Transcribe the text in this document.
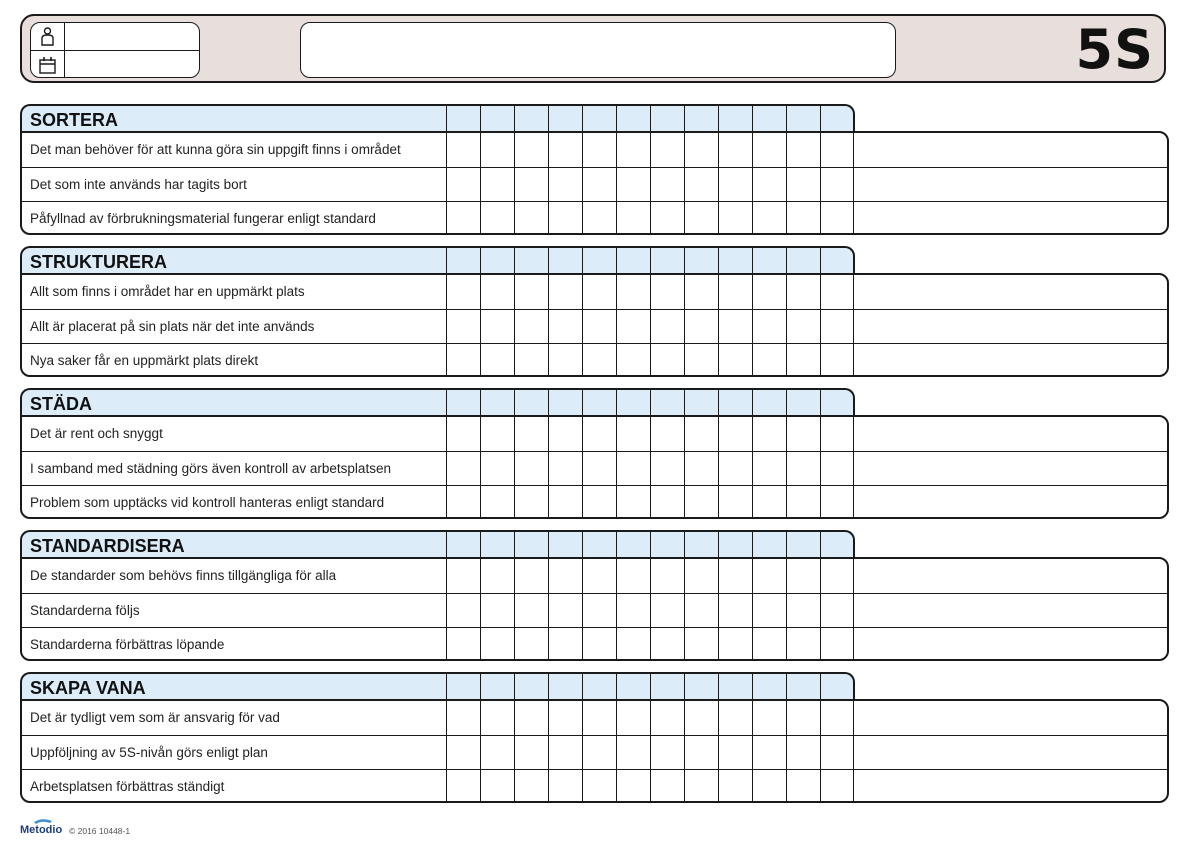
5S
SORTERA
Det man behöver för att kunna göra sin uppgift finns i området
Det som inte används har tagits bort
Påfyllnad av förbrukningsmaterial fungerar enligt standard
STRUKTURERA
Allt som finns i området har en uppmärkt plats
Allt är placerat på sin plats när det inte används
Nya saker får en uppmärkt plats direkt
STÄDA
Det är rent och snyggt
I samband med städning görs även kontroll av arbetsplatsen
Problem som upptäcks vid kontroll hanteras enligt standard
STANDARDISERA
De standarder som behövs finns tillgängliga för alla
Standarderna följs
Standarderna förbättras löpande
SKAPA VANA
Det är tydligt vem som är ansvarig för vad
Uppföljning av 5S-nivån görs enligt plan
Arbetsplatsen förbättras ständigt
Metodio © 2016 10448-1
